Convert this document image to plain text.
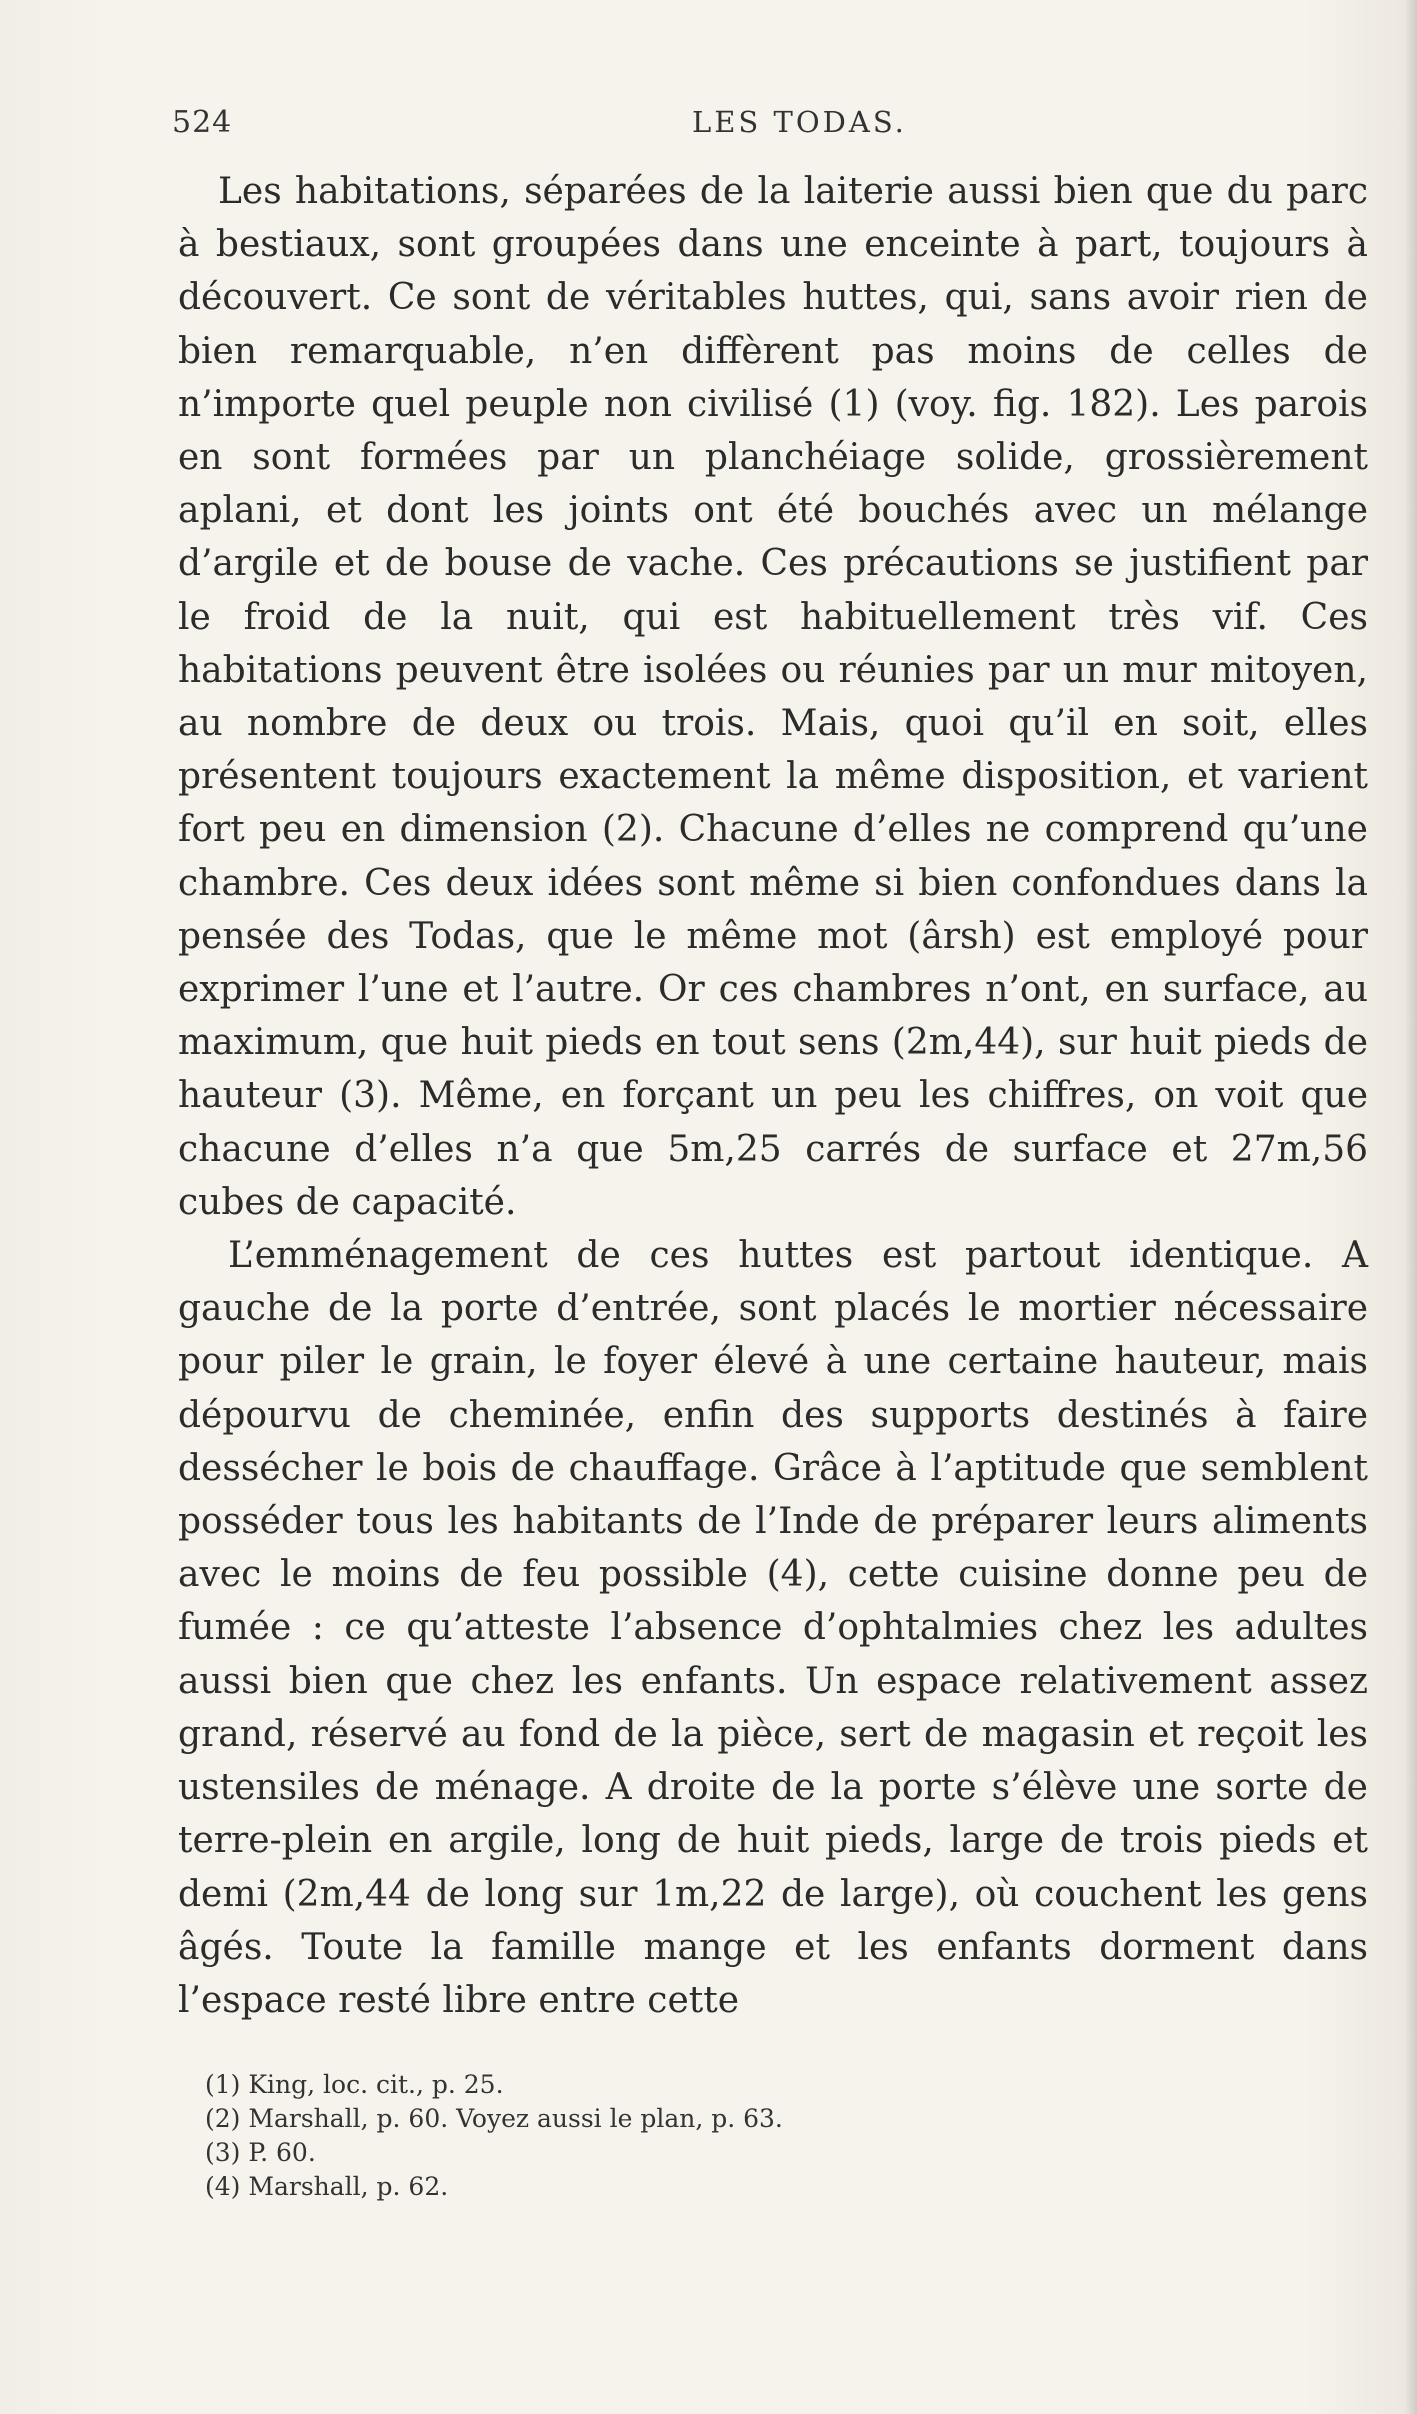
524	LES TODAS.

Les habitations, séparées de la laiterie aussi bien que du parc à bestiaux, sont groupées dans une enceinte à part, toujours à découvert. Ce sont de véritables huttes, qui, sans avoir rien de bien remarquable, n’en diffèrent pas moins de celles de n’importe quel peuple non civilisé (1) (voy. fig. 182). Les parois en sont formées par un planchéiage solide, grossièrement aplani, et dont les joints ont été bouchés avec un mélange d’argile et de bouse de vache. Ces précautions se justifient par le froid de la nuit, qui est habituellement très vif. Ces habitations peuvent être isolées ou réunies par un mur mitoyen, au nombre de deux ou trois. Mais, quoi qu’il en soit, elles présentent toujours exactement la même disposition, et varient fort peu en dimension (2). Chacune d’elles ne comprend qu’une chambre. Ces deux idées sont même si bien confondues dans la pensée des Todas, que le même mot (ârsh) est employé pour exprimer l’une et l’autre. Or ces chambres n’ont, en surface, au maximum, que huit pieds en tout sens (2m,44), sur huit pieds de hauteur (3). Même, en forçant un peu les chiffres, on voit que chacune d’elles n’a que 5m,25 carrés de surface et 27m,56 cubes de capacité.

L’emménagement de ces huttes est partout identique. A gauche de la porte d’entrée, sont placés le mortier nécessaire pour piler le grain, le foyer élevé à une certaine hauteur, mais dépourvu de cheminée, enfin des supports destinés à faire dessécher le bois de chauffage. Grâce à l’aptitude que semblent posséder tous les habitants de l’Inde de préparer leurs aliments avec le moins de feu possible (4), cette cuisine donne peu de fumée : ce qu’atteste l’absence d’ophtalmies chez les adultes aussi bien que chez les enfants. Un espace relativement assez grand, réservé au fond de la pièce, sert de magasin et reçoit les ustensiles de ménage. A droite de la porte s’élève une sorte de terre-plein en argile, long de huit pieds, large de trois pieds et demi (2m,44 de long sur 1m,22 de large), où couchent les gens âgés. Toute la famille mange et les enfants dorment dans l’espace resté libre entre cette

(1) King, loc. cit., p. 25.
(2) Marshall, p. 60. Voyez aussi le plan, p. 63.
(3) P. 60.
(4) Marshall, p. 62.
